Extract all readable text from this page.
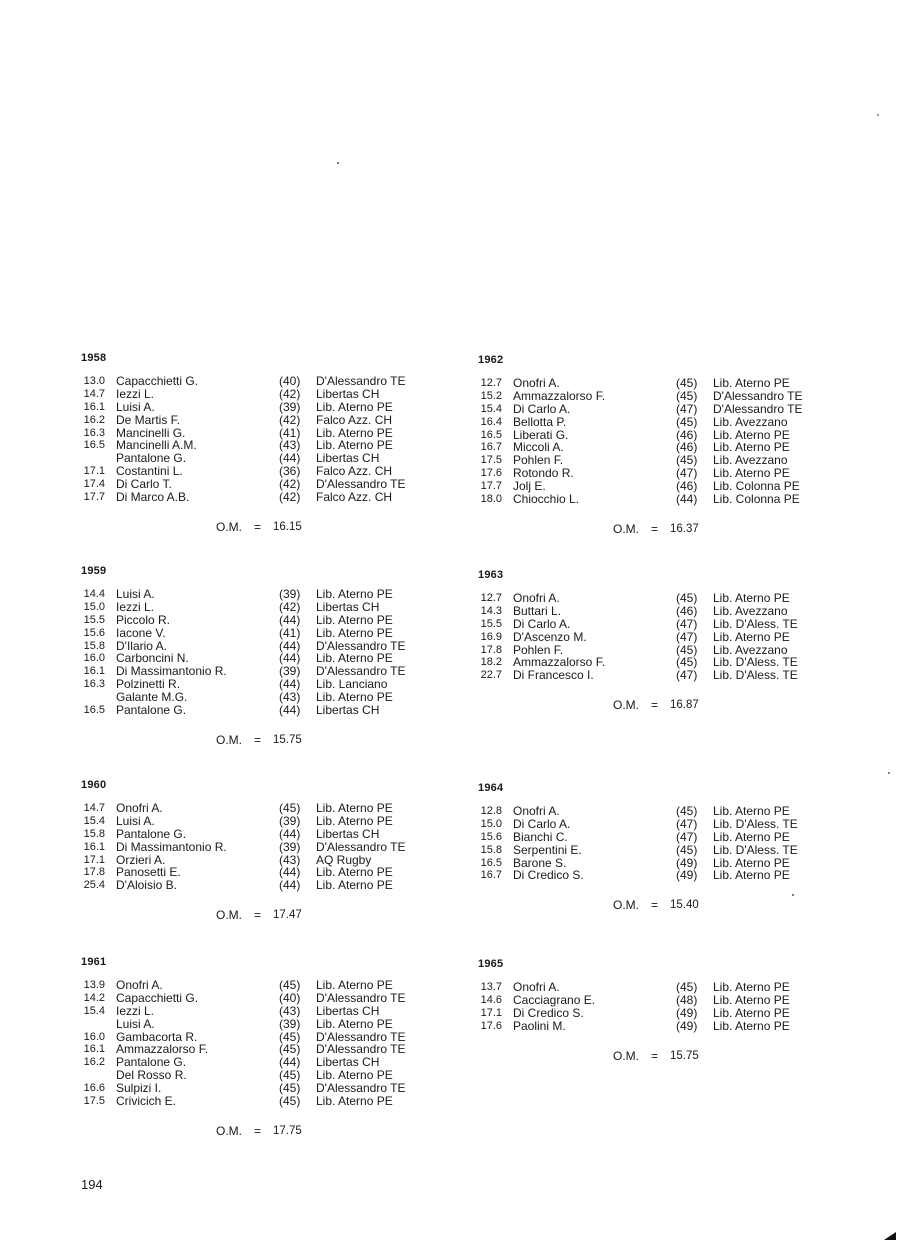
1958
13.0 Capacchietti G.	(40) D'Alessandro TE
14.7 Iezzi L.	(42) Libertas CH
16.1 Luisi A.	(39) Lib. Aterno PE
16.2 De Martis F.	(42) Falco Azz. CH
16.3 Mancinelli G.	(41) Lib. Aterno PE
16.5 Mancinelli A.M.	(43) Lib. Aterno PE
Pantalone G.	(44) Libertas CH
17.1 Costantini L.	(36) Falco Azz. CH
17.4 Di Carlo T.	(42) D'Alessandro TE
17.7 Di Marco A.B.	(42) Falco Azz. CH
O.M. = 16.15
1959
14.4 Luisi A.	(39) Lib. Aterno PE
15.0 Iezzi L.	(42) Libertas CH
15.5 Piccolo R.	(44) Lib. Aterno PE
15.6 Iacone V.	(41) Lib. Aterno PE
15.8 D'Ilario A.	(44) D'Alessandro TE
16.0 Carboncini N.	(44) Lib. Aterno PE
16.1 Di Massimantonio R.	(39) D'Alessandro TE
16.3 Polzinetti R.	(44) Lib. Lanciano
Galante M.G.	(43) Lib. Aterno PE
16.5 Pantalone G.	(44) Libertas CH
O.M. = 15.75
1960
14.7 Onofri A.	(45) Lib. Aterno PE
15.4 Luisi A.	(39) Lib. Aterno PE
15.8 Pantalone G.	(44) Libertas CH
16.1 Di Massimantonio R.	(39) D'Alessandro TE
17.1 Orzieri A.	(43) AQ Rugby
17.8 Panosetti E.	(44) Lib. Aterno PE
25.4 D'Aloisio B.	(44) Lib. Aterno PE
O.M. = 17.47
1961
13.9 Onofri A.	(45) Lib. Aterno PE
14.2 Capacchietti G.	(40) D'Alessandro TE
15.4 Iezzi L.	(43) Libertas CH
Luisi A.	(39) Lib. Aterno PE
16.0 Gambacorta R.	(45) D'Alessandro TE
16.1 Ammazzalorso F.	(45) D'Alessandro TE
16.2 Pantalone G.	(44) Libertas CH
Del Rosso R.	(45) Lib. Aterno PE
16.6 Sulpizi I.	(45) D'Alessandro TE
17.5 Crivicich E.	(45) Lib. Aterno PE
O.M. = 17.75
1962
12.7 Onofri A.	(45) Lib. Aterno PE
15.2 Ammazzalorso F.	(45) D'Alessandro TE
15.4 Di Carlo A.	(47) D'Alessandro TE
16.4 Bellotta P.	(45) Lib. Avezzano
16.5 Liberati G.	(46) Lib. Aterno PE
16.7 Miccoli A.	(46) Lib. Aterno PE
17.5 Pohlen F.	(45) Lib. Avezzano
17.6 Rotondo R.	(47) Lib. Aterno PE
17.7 Jolj E.	(46) Lib. Colonna PE
18.0 Chiocchio L.	(44) Lib. Colonna PE
O.M. = 16.37
1963
12.7 Onofri A.	(45) Lib. Aterno PE
14.3 Buttari L.	(46) Lib. Avezzano
15.5 Di Carlo A.	(47) Lib. D'Aless. TE
16.9 D'Ascenzo M.	(47) Lib. Aterno PE
17.8 Pohlen F.	(45) Lib. Avezzano
18.2 Ammazzalorso F.	(45) Lib. D'Aless. TE
22.7 Di Francesco I.	(47) Lib. D'Aless. TE
O.M. = 16.87
1964
12.8 Onofri A.	(45) Lib. Aterno PE
15.0 Di Carlo A.	(47) Lib. D'Aless. TE
15.6 Bianchi C.	(47) Lib. Aterno PE
15.8 Serpentini E.	(45) Lib. D'Aless. TE
16.5 Barone S.	(49) Lib. Aterno PE
16.7 Di Credico S.	(49) Lib. Aterno PE
O.M. = 15.40
1965
13.7 Onofri A.	(45) Lib. Aterno PE
14.6 Cacciagrano E.	(48) Lib. Aterno PE
17.1 Di Credico S.	(49) Lib. Aterno PE
17.6 Paolini M.	(49) Lib. Aterno PE
O.M. = 15.75
194
